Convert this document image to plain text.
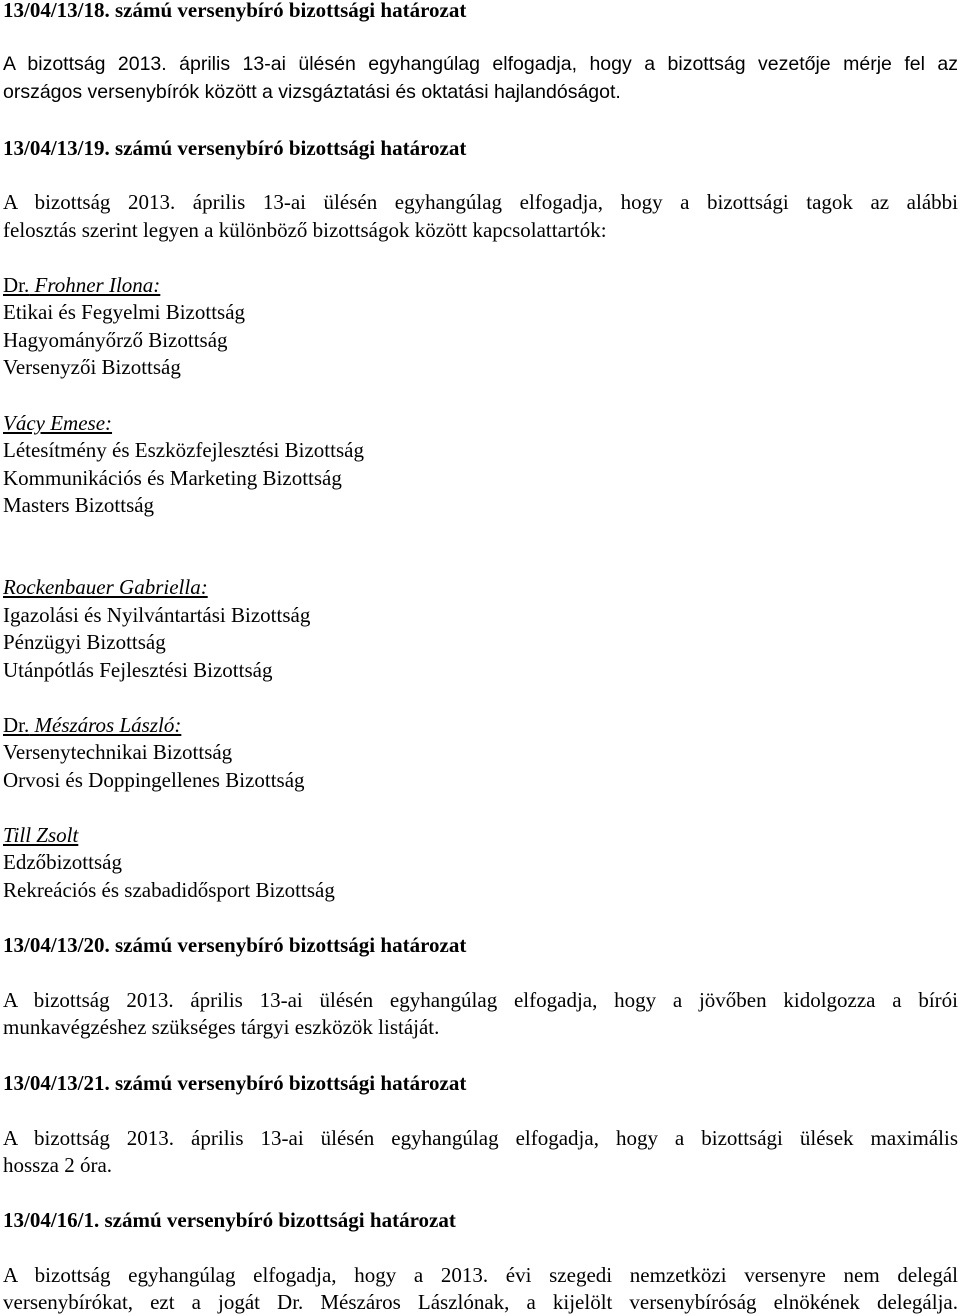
13/04/13/18. számú versenybíró bizottsági határozat
A bizottság 2013. április 13-ai ülésén egyhangúlag elfogadja, hogy a bizottság vezetője mérje fel az
országos versenybírók között a vizsgáztatási és oktatási hajlandóságot.
13/04/13/19. számú versenybíró bizottsági határozat
A bizottság 2013. április 13-ai ülésén egyhangúlag elfogadja, hogy a bizottsági tagok az alábbi
felosztás szerint legyen a különböző bizottságok között kapcsolattartók:
Dr. Frohner Ilona:
Etikai és Fegyelmi Bizottság
Hagyományőrző Bizottság
Versenyzői Bizottság
Vácy Emese:
Létesítmény és Eszközfejlesztési Bizottság
Kommunikációs és Marketing Bizottság
Masters Bizottság
Rockenbauer Gabriella:
Igazolási és Nyilvántartási Bizottság
Pénzügyi Bizottság
Utánpótlás Fejlesztési Bizottság
Dr. Mészáros László:
Versenytechnikai Bizottság
Orvosi és Doppingellenes Bizottság
Till Zsolt
Edzőbizottság
Rekreációs és szabadidősport Bizottság
13/04/13/20. számú versenybíró bizottsági határozat
A bizottság 2013. április 13-ai ülésén egyhangúlag elfogadja, hogy a jövőben kidolgozza a bírói
munkavégzéshez szükséges tárgyi eszközök listáját.
13/04/13/21. számú versenybíró bizottsági határozat
A bizottság 2013. április 13-ai ülésén egyhangúlag elfogadja, hogy a bizottsági ülések maximális
hossza 2 óra.
13/04/16/1. számú versenybíró bizottsági határozat
A bizottság egyhangúlag elfogadja, hogy a 2013. évi szegedi nemzetközi versenyre nem delegál
versenybírókat, ezt a jogát Dr. Mészáros Lászlónak, a kijelölt versenybíróság elnökének delegálja.
